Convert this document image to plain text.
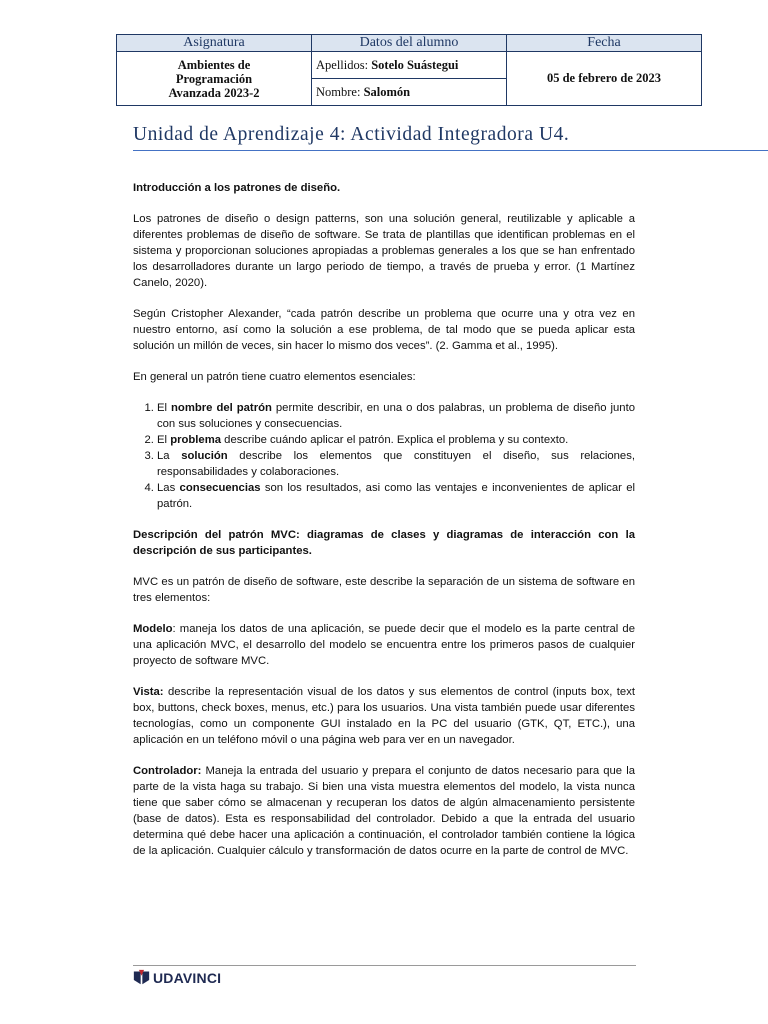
Asignatura	Datos del alumno	Fecha

Ambientes de
Programación
Avanzada 2023-2	Apellidos: Sotelo Suástegui	05 de febrero de 2023
	Nombre: Salomón	
Unidad de Aprendizaje 4: Actividad Integradora U4.

Introducción a los patrones de diseño.

Los patrones de diseño o design patterns, son una solución general, reutilizable y aplicable a diferentes problemas de diseño de software. Se trata de plantillas que identifican problemas en el sistema y proporcionan soluciones apropiadas a problemas generales a los que se han enfrentado los desarrolladores durante un largo periodo de tiempo, a través de prueba y error. (1 Martínez Canelo, 2020).

Según Cristopher Alexander, “cada patrón describe un problema que ocurre una y otra vez en nuestro entorno, así como la solución a ese problema, de tal modo que se pueda aplicar esta solución un millón de veces, sin hacer lo mismo dos veces”. (2. Gamma et al., 1995).

En general un patrón tiene cuatro elementos esenciales:

1. El nombre del patrón permite describir, en una o dos palabras, un problema de diseño junto con sus soluciones y consecuencias.
2. El problema describe cuándo aplicar el patrón. Explica el problema y su contexto.
3. La solución describe los elementos que constituyen el diseño, sus relaciones, responsabilidades y colaboraciones.
4. Las consecuencias son los resultados, asi como las ventajes e inconvenientes de aplicar el patrón.

Descripción del patrón MVC: diagramas de clases y diagramas de interacción con la descripción de sus participantes.

MVC es un patrón de diseño de software, este describe la separación de un sistema de software en tres elementos:

Modelo: maneja los datos de una aplicación, se puede decir que el modelo es la parte central de una aplicación MVC, el desarrollo del modelo se encuentra entre los primeros pasos de cualquier proyecto de software MVC.

Vista: describe la representación visual de los datos y sus elementos de control (inputs box, text box, buttons, check boxes, menus, etc.) para los usuarios. Una vista también puede usar diferentes tecnologías, como un componente GUI instalado en la PC del usuario (GTK, QT, ETC.), una aplicación en un teléfono móvil o una página web para ver en un navegador.

Controlador: Maneja la entrada del usuario y prepara el conjunto de datos necesario para que la parte de la vista haga su trabajo. Si bien una vista muestra elementos del modelo, la vista nunca tiene que saber cómo se almacenan y recuperan los datos de algún almacenamiento persistente (base de datos). Esta es responsabilidad del controlador. Debido a que la entrada del usuario determina qué debe hacer una aplicación a continuación, el controlador también contiene la lógica de la aplicación. Cualquier cálculo y transformación de datos ocurre en la parte de control de MVC.

UDAVINCI
